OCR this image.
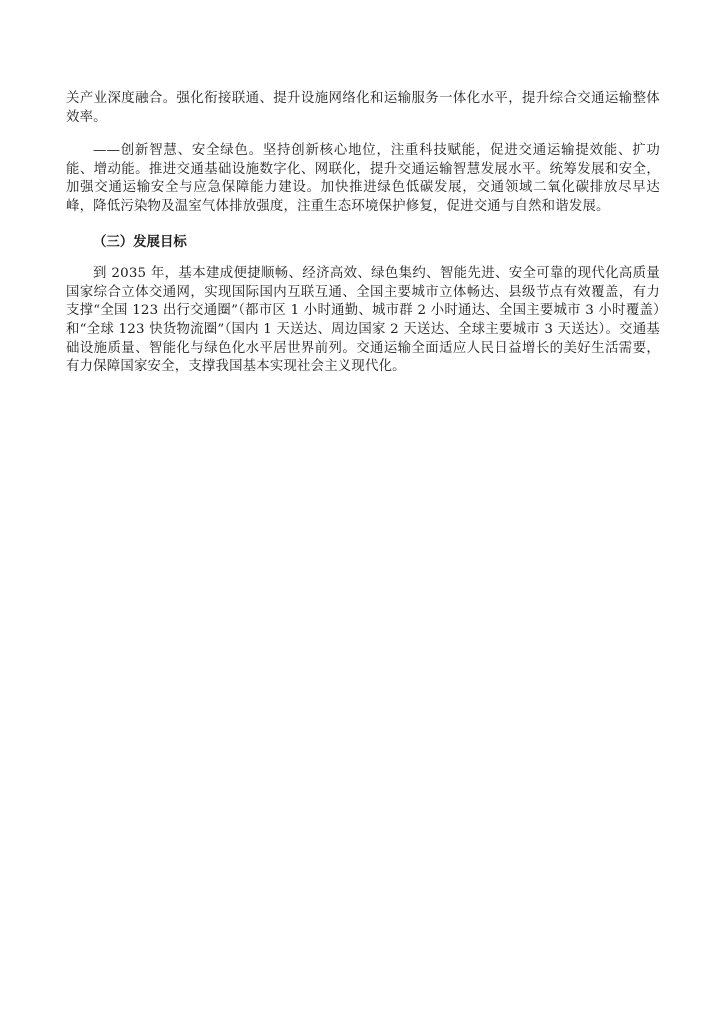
关产业深度融合。强化衔接联通、提升设施网络化和运输服务一体化水平，提升综合交通运输整体效率。

——创新智慧、安全绿色。坚持创新核心地位，注重科技赋能，促进交通运输提效能、扩功能、增动能。推进交通基础设施数字化、网联化，提升交通运输智慧发展水平。统筹发展和安全，加强交通运输安全与应急保障能力建设。加快推进绿色低碳发展，交通领域二氧化碳排放尽早达峰，降低污染物及温室气体排放强度，注重生态环境保护修复，促进交通与自然和谐发展。

（三）发展目标

到 2035 年，基本建成便捷顺畅、经济高效、绿色集约、智能先进、安全可靠的现代化高质量国家综合立体交通网，实现国际国内互联互通、全国主要城市立体畅达、县级节点有效覆盖，有力支撑“全国 123 出行交通圈”（都市区 1 小时通勤、城市群 2 小时通达、全国主要城市 3 小时覆盖）和“全球 123 快货物流圈”（国内 1 天送达、周边国家 2 天送达、全球主要城市 3 天送达）。交通基础设施质量、智能化与绿色化水平居世界前列。交通运输全面适应人民日益增长的美好生活需要，有力保障国家安全，支撑我国基本实现社会主义现代化。
